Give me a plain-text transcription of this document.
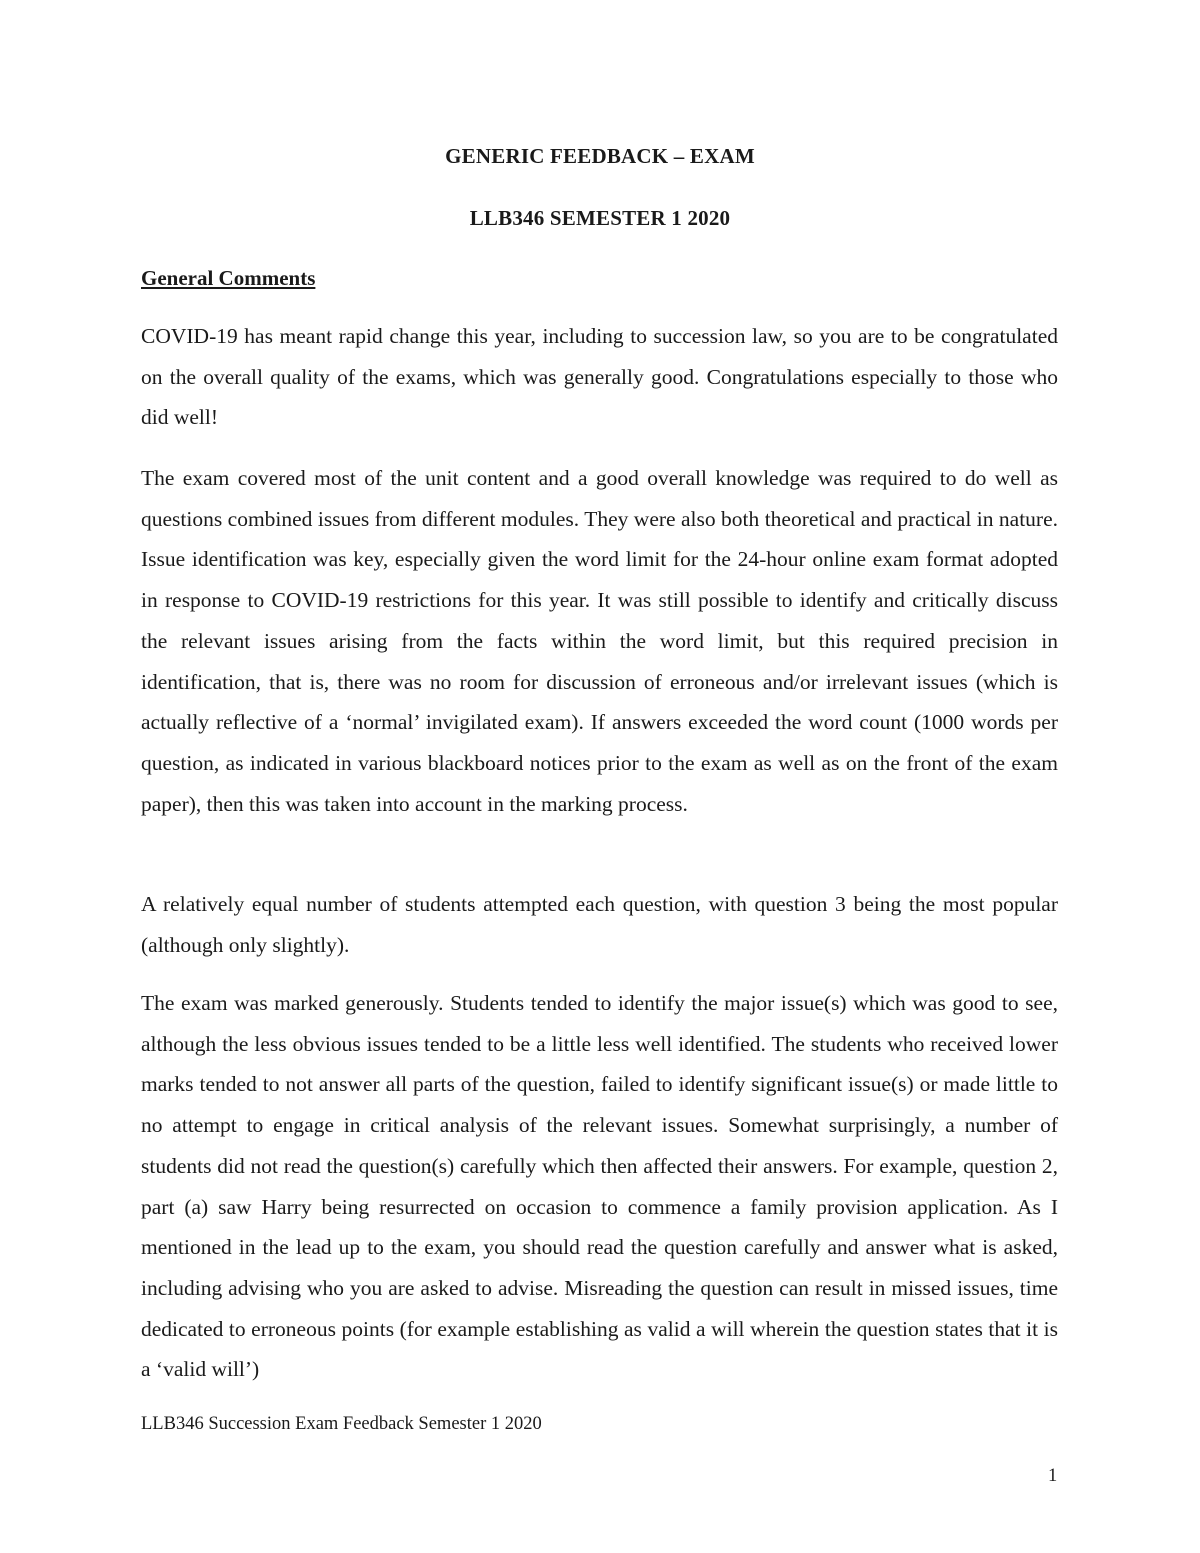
GENERIC FEEDBACK – EXAM
LLB346 SEMESTER 1 2020
General Comments

COVID-19 has meant rapid change this year, including to succession law, so you are to be congratulated on the overall quality of the exams, which was generally good. Congratulations especially to those who did well!

The exam covered most of the unit content and a good overall knowledge was required to do well as questions combined issues from different modules. They were also both theoretical and practical in nature. Issue identification was key, especially given the word limit for the 24-hour online exam format adopted in response to COVID-19 restrictions for this year. It was still possible to identify and critically discuss the relevant issues arising from the facts within the word limit, but this required precision in identification, that is, there was no room for discussion of erroneous and/or irrelevant issues (which is actually reflective of a ‘normal’ invigilated exam). If answers exceeded the word count (1000 words per question, as indicated in various blackboard notices prior to the exam as well as on the front of the exam paper), then this was taken into account in the marking process.

A relatively equal number of students attempted each question, with question 3 being the most popular (although only slightly).

The exam was marked generously. Students tended to identify the major issue(s) which was good to see, although the less obvious issues tended to be a little less well identified. The students who received lower marks tended to not answer all parts of the question, failed to identify significant issue(s) or made little to no attempt to engage in critical analysis of the relevant issues. Somewhat surprisingly, a number of students did not read the question(s) carefully which then affected their answers. For example, question 2, part (a) saw Harry being resurrected on occasion to commence a family provision application. As I mentioned in the lead up to the exam, you should read the question carefully and answer what is asked, including advising who you are asked to advise. Misreading the question can result in missed issues, time dedicated to erroneous points (for example establishing as valid a will wherein the question states that it is a ‘valid will’)

LLB346 Succession Exam Feedback Semester 1 2020
1
